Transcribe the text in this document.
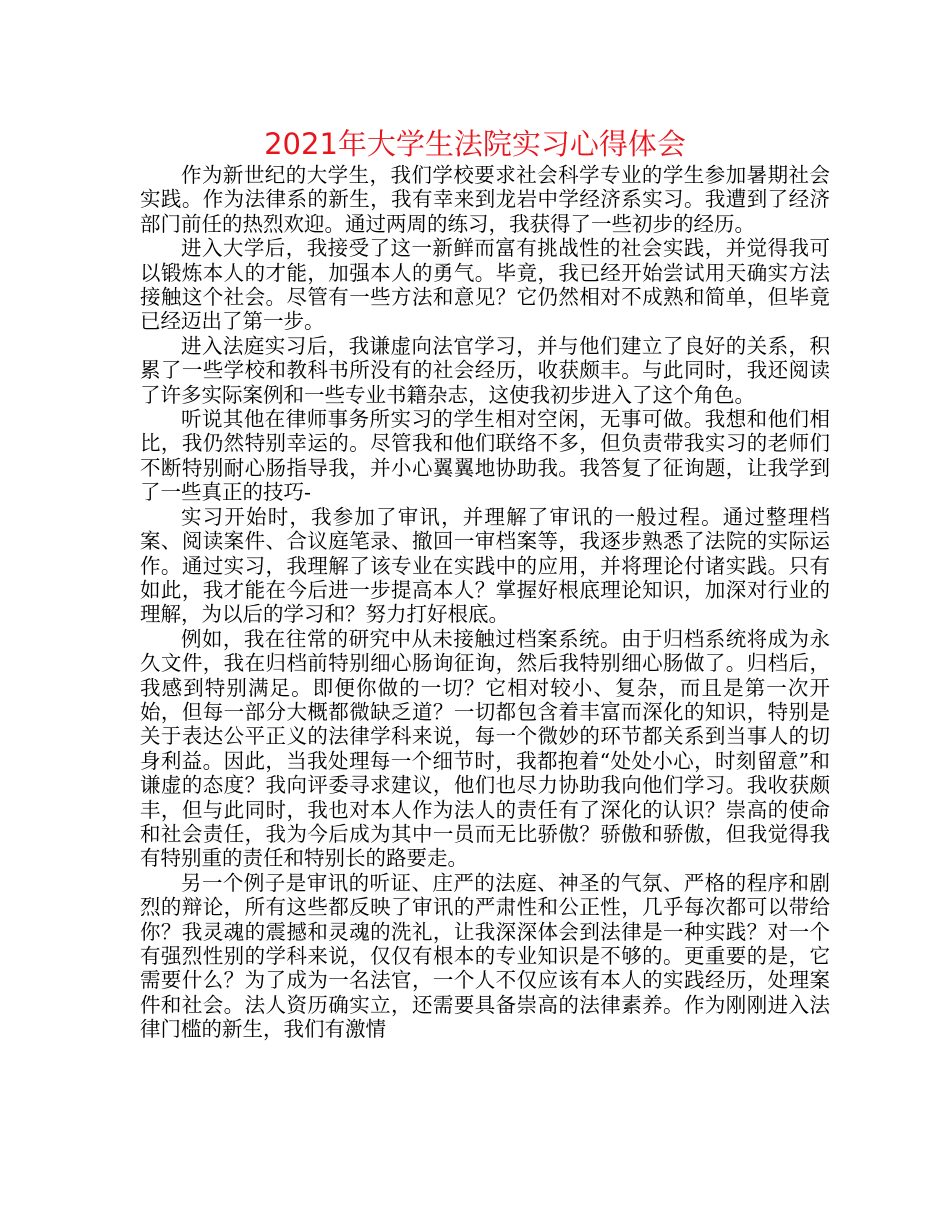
2021年大学生法院实习心得体会

作为新世纪的大学生，我们学校要求社会科学专业的学生参加暑期社会实践。作为法律系的新生，我有幸来到龙岩中学经济系实习。我遭到了经济部门前任的热烈欢迎。通过两周的练习，我获得了一些初步的经历。

进入大学后，我接受了这一新鲜而富有挑战性的社会实践，并觉得我可以锻炼本人的才能，加强本人的勇气。毕竟，我已经开始尝试用天确实方法接触这个社会。尽管有一些方法和意见？它仍然相对不成熟和简单，但毕竟已经迈出了第一步。

进入法庭实习后，我谦虚向法官学习，并与他们建立了良好的关系，积累了一些学校和教科书所没有的社会经历，收获颇丰。与此同时，我还阅读了许多实际案例和一些专业书籍杂志，这使我初步进入了这个角色。

听说其他在律师事务所实习的学生相对空闲，无事可做。我想和他们相比，我仍然特别幸运的。尽管我和他们联络不多，但负责带我实习的老师们不断特别耐心肠指导我，并小心翼翼地协助我。我答复了征询题，让我学到了一些真正的技巧-

实习开始时，我参加了审讯，并理解了审讯的一般过程。通过整理档案、阅读案件、合议庭笔录、撤回一审档案等，我逐步熟悉了法院的实际运作。通过实习，我理解了该专业在实践中的应用，并将理论付诸实践。只有如此，我才能在今后进一步提高本人？掌握好根底理论知识，加深对行业的理解，为以后的学习和？努力打好根底。

例如，我在往常的研究中从未接触过档案系统。由于归档系统将成为永久文件，我在归档前特别细心肠询征询，然后我特别细心肠做了。归档后，我感到特别满足。即便你做的一切？它相对较小、复杂，而且是第一次开始，但每一部分大概都微缺乏道？一切都包含着丰富而深化的知识，特别是关于表达公平正义的法律学科来说，每一个微妙的环节都关系到当事人的切身利益。因此，当我处理每一个细节时，我都抱着“处处小心，时刻留意”和谦虚的态度？我向评委寻求建议，他们也尽力协助我向他们学习。我收获颇丰，但与此同时，我也对本人作为法人的责任有了深化的认识？崇高的使命和社会责任，我为今后成为其中一员而无比骄傲？骄傲和骄傲，但我觉得我有特别重的责任和特别长的路要走。

另一个例子是审讯的听证、庄严的法庭、神圣的气氛、严格的程序和剧烈的辩论，所有这些都反映了审讯的严肃性和公正性，几乎每次都可以带给你？我灵魂的震撼和灵魂的洗礼，让我深深体会到法律是一种实践？对一个有强烈性别的学科来说，仅仅有根本的专业知识是不够的。更重要的是，它需要什么？为了成为一名法官，一个人不仅应该有本人的实践经历，处理案件和社会。法人资历确实立，还需要具备崇高的法律素养。作为刚刚进入法律门槛的新生，我们有激情
